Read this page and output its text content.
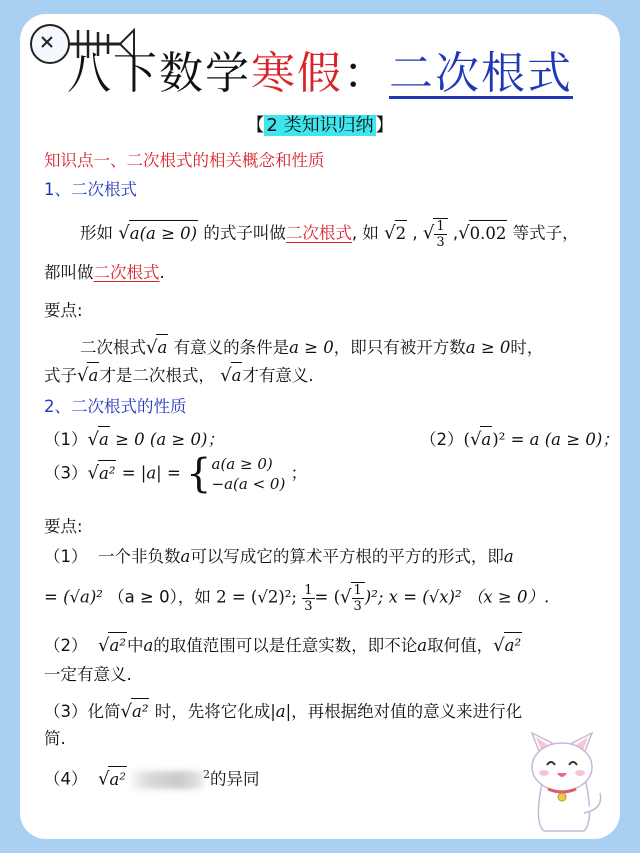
八下数学寒假：二次根式
【 2 类知识归纳 】
知识点一、二次根式的相关概念和性质
1、二次根式
形如 √a(a ≥ 0) 的式子叫做二次根式, 如 √2 , √ $\frac{1}{3} ,√0.02$ 等式子，
都叫做二次根式.
要点:
二次根式√a 有意义的条件是a ≥ 0，即只有被开方数a ≥ 0时，
式子√a才是二次根式， √a才有意义.
2、二次根式的性质
（1）√a ≥ 0 (a ≥ 0)；	（2）(√a)² = a (a ≥ 0)；
（3）√a² = |a| = { a(a ≥ 0)
−a(a < 0)
；
要点:
（1） 一个非负数a可以写成它的算术平方根的平方的形式，即a
= (√a)² （a ≥ 0），如 2 = (√2)²; $\frac{1}{3}$ = (√ $\frac{1}{3} )^2$; x = (√x)² （x ≥ 0）.
（2） √a²中a的取值范围可以是任意实数，即不论a取何值，√a²
一定有意义.
（3）化简√a² 时，先将它化成|a|，再根据绝对值的意义来进行化
简.
（4） √a²	$^2$的异同
